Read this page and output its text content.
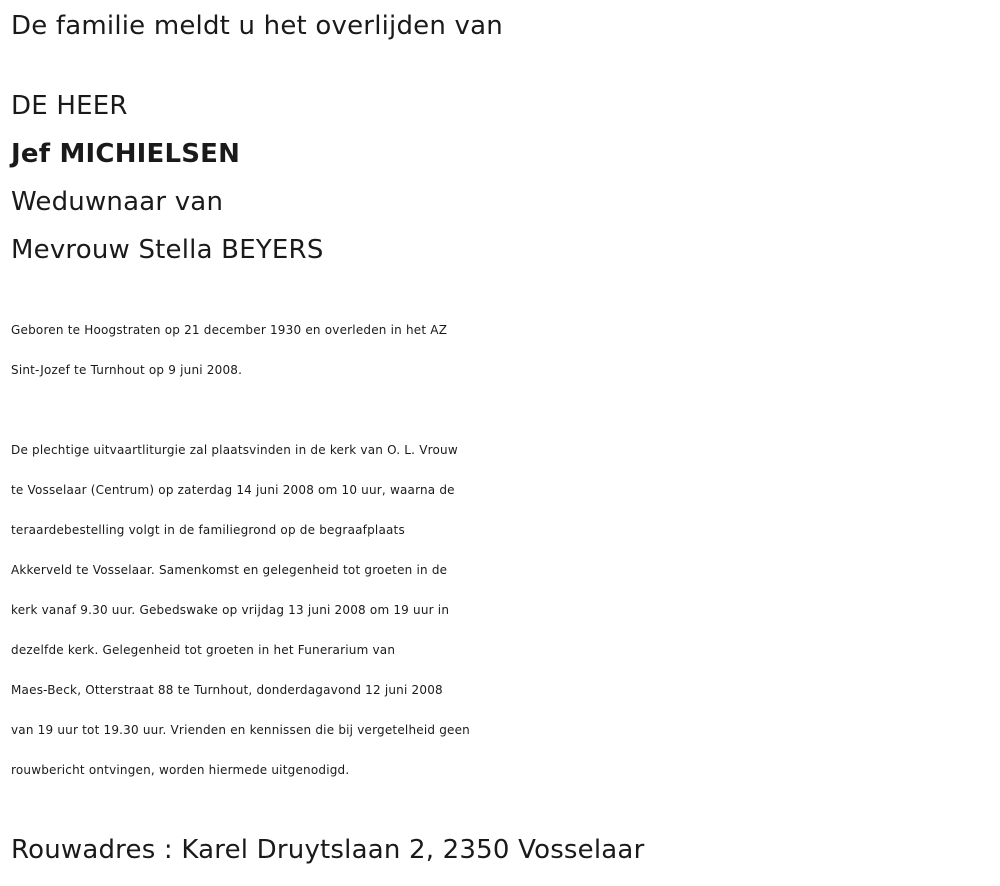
De familie meldt u het overlijden van
DE HEER
Jef MICHIELSEN
Weduwnaar van
Mevrouw Stella BEYERS
Geboren te Hoogstraten op 21 december 1930 en overleden in het AZ
Sint-Jozef te Turnhout op 9 juni 2008.
De plechtige uitvaartliturgie zal plaatsvinden in de kerk van O. L. Vrouw
te Vosselaar (Centrum) op zaterdag 14 juni 2008 om 10 uur, waarna de
teraardebestelling volgt in de familiegrond op de begraafplaats
Akkerveld te Vosselaar. Samenkomst en gelegenheid tot groeten in de
kerk vanaf 9.30 uur. Gebedswake op vrijdag 13 juni 2008 om 19 uur in
dezelfde kerk. Gelegenheid tot groeten in het Funerarium van
Maes-Beck, Otterstraat 88 te Turnhout, donderdagavond 12 juni 2008
van 19 uur tot 19.30 uur. Vrienden en kennissen die bij vergetelheid geen
rouwbericht ontvingen, worden hiermede uitgenodigd.
Rouwadres : Karel Druytslaan 2, 2350 Vosselaar
